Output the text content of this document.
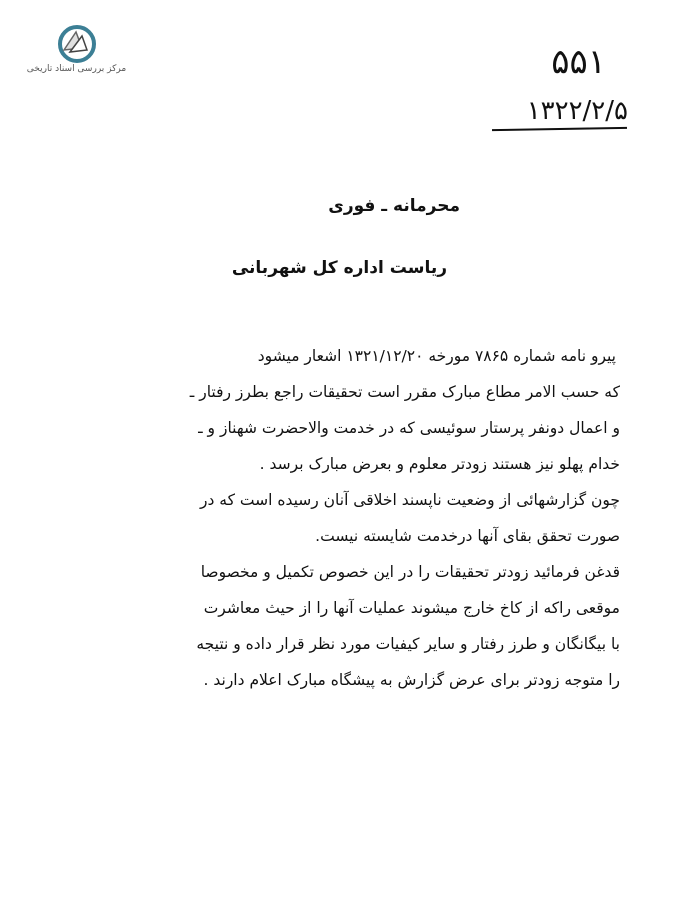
مرکز بررسی اسناد تاریخی	۵۵۱
۱۳۲۲/۲/۵
محرمانه ـ فوری
ریاست اداره کل شهربانی
پیرو نامه شماره ۷۸۶۵ مورخه ۱۳۲۱/۱۲/۲۰ اشعار میشود
که حسب الامر مطاع مبارک مقرر است تحقیقات راجع بطرز رفتار ـ
و اعمال دونفر پرستار سوئیسی که در خدمت والاحضرت شهناز و ـ
خدام پهلو نیز هستند زودتر معلوم و بعرض مبارک برسد .
چون گزارشهائی از وضعیت ناپسند اخلاقی آنان رسیده است که در
صورت تحقق بقای آنها درخدمت شایسته نیست.
قدغن فرمائید زودتر تحقیقات را در این خصوص تکمیل و مخصوصا
موقعی راکه از کاخ خارج میشوند عملیات آنها را از حیث معاشرت
با بیگانگان و طرز رفتار و سایر کیفیات مورد نظر قرار داده و نتیجه
را متوجه زودتر برای عرض گزارش به پیشگاه مبارک اعلام دارند .
